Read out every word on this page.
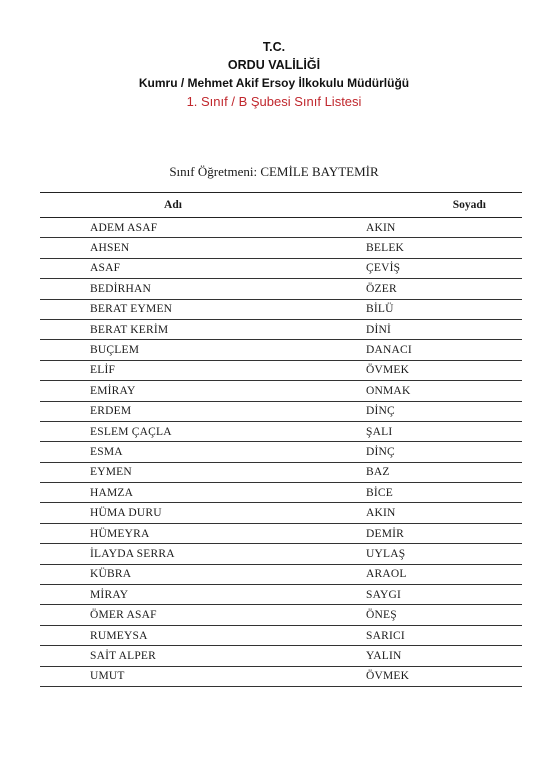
T.C.
ORDU VALİLİĞİ
Kumru / Mehmet Akif Ersoy İlkokulu Müdürlüğü
1. Sınıf / B Şubesi Sınıf Listesi
Sınıf Öğretmeni: CEMİLE BAYTEMİR
Adı	Soyadı
ADEM ASAF	AKIN
AHSEN	BELEK
ASAF	ÇEVİŞ
BEDİRHAN	ÖZER
BERAT EYMEN	BİLÜ
BERAT KERİM	DİNİ
BUÇLEM	DANACI
ELİF	ÖVMEK
EMİRAY	ONMAK
ERDEM	DİNÇ
ESLEM ÇAÇLA	ŞALI
ESMA	DİNÇ
EYMEN	BAZ
HAMZA	BİCE
HÜMA DURU	AKIN
HÜMEYRA	DEMİR
İLAYDA SERRA	UYLAŞ
KÜBRA	ARAOL
MİRAY	SAYGI
ÖMER ASAF	ÖNEŞ
RUMEYSA	SARICI
SAİT ALPER	YALIN
UMUT	ÖVMEK
